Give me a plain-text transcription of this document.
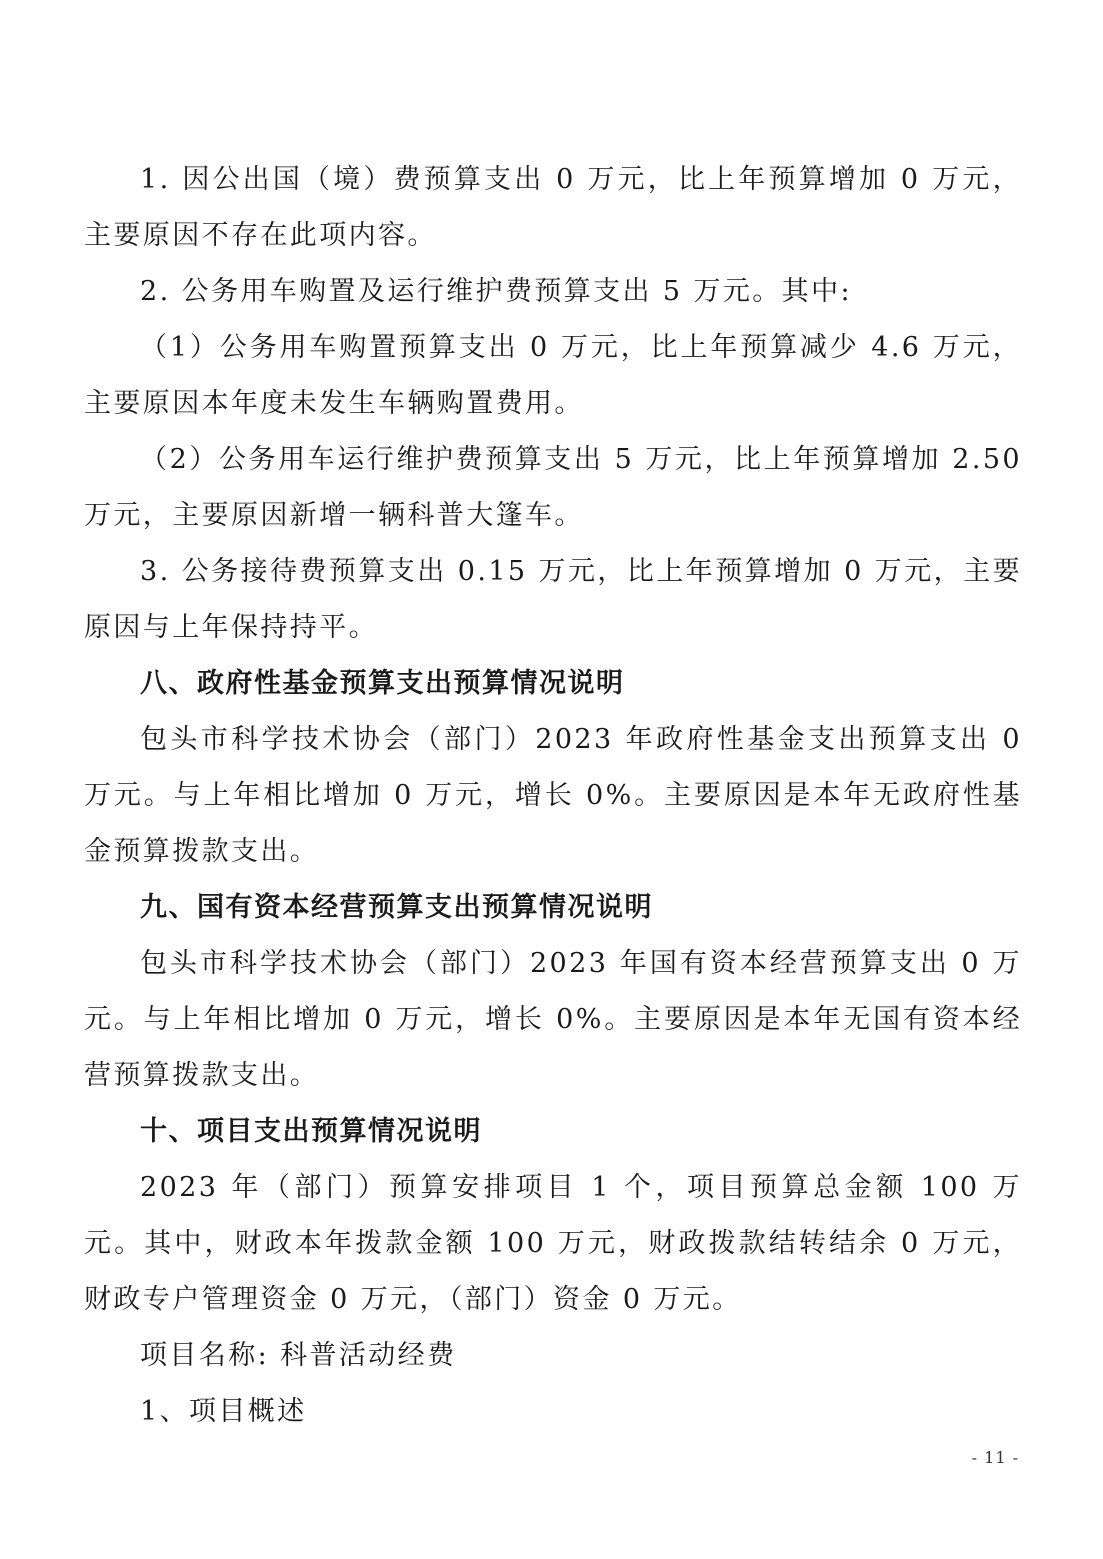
1. 因公出国（境）费预算支出 0 万元，比上年预算增加 0 万元，主要原因不存在此项内容。

2. 公务用车购置及运行维护费预算支出 5 万元。其中:

（1）公务用车购置预算支出 0 万元，比上年预算减少 4.6 万元，主要原因本年度未发生车辆购置费用。

（2）公务用车运行维护费预算支出 5 万元，比上年预算增加 2.50 万元，主要原因新增一辆科普大篷车。

3. 公务接待费预算支出 0.15 万元，比上年预算增加 0 万元，主要原因与上年保持持平。

八、政府性基金预算支出预算情况说明

包头市科学技术协会（部门）2023 年政府性基金支出预算支出 0 万元。与上年相比增加 0 万元，增长 0%。主要原因是本年无政府性基金预算拨款支出。

九、国有资本经营预算支出预算情况说明

包头市科学技术协会（部门）2023 年国有资本经营预算支出 0 万元。与上年相比增加 0 万元，增长 0%。主要原因是本年无国有资本经营预算拨款支出。

十、项目支出预算情况说明

2023 年（部门）预算安排项目 1 个，项目预算总金额 100 万元。其中，财政本年拨款金额 100 万元，财政拨款结转结余 0 万元，财政专户管理资金 0 万元，（部门）资金 0 万元。

项目名称: 科普活动经费

1、项目概述

- 11 -
